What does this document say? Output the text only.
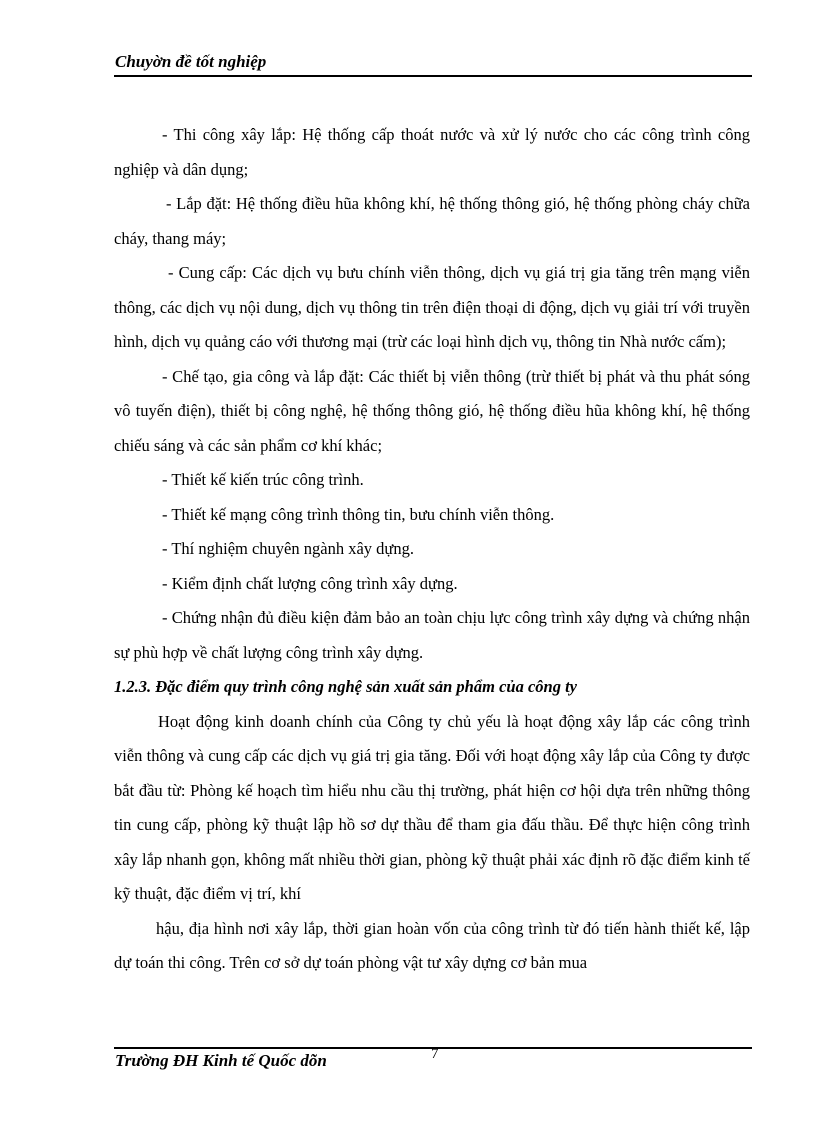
Chuyờn đề tốt nghiệp

- Thi công xây lắp: Hệ thống cấp thoát nước và xử lý nước cho các công trình công nghiệp và dân dụng;

- Lắp đặt: Hệ thống điều hũa không khí, hệ thống thông gió, hệ thống phòng cháy chữa cháy, thang máy;

- Cung cấp: Các dịch vụ bưu chính viễn thông, dịch vụ giá trị gia tăng trên mạng viễn thông, các dịch vụ nội dung, dịch vụ thông tin trên điện thoại di động, dịch vụ giải trí với truyền hình, dịch vụ quảng cáo với thương mại (trừ các loại hình dịch vụ, thông tin Nhà nước cấm);

- Chế tạo, gia công và lắp đặt: Các thiết bị viễn thông (trừ thiết bị phát và thu phát sóng vô tuyến điện), thiết bị công nghệ, hệ thống thông gió, hệ thống điều hũa không khí, hệ thống chiếu sáng và các sản phẩm cơ khí khác;

- Thiết kế kiến trúc công trình.

- Thiết kế mạng công trình thông tin, bưu chính viễn thông.

- Thí nghiệm chuyên ngành xây dựng.

- Kiểm định chất lượng công trình xây dựng.

- Chứng nhận đủ điều kiện đảm bảo an toàn chịu lực công trình xây dựng và chứng nhận sự phù hợp về chất lượng công trình xây dựng.

1.2.3. Đặc điểm quy trình công nghệ sản xuất sản phẩm của công ty

Hoạt động kinh doanh chính của Công ty chủ yếu là hoạt động xây lắp các công trình viễn thông và cung cấp các dịch vụ giá trị gia tăng. Đối với hoạt động xây lắp của Công ty được bắt đầu từ: Phòng kế hoạch tìm hiểu nhu cầu thị trường, phát hiện cơ hội dựa trên những thông tin cung cấp, phòng kỹ thuật lập hồ sơ dự thầu để tham gia đấu thầu. Để thực hiện công trình xây lắp nhanh gọn, không mất nhiều thời gian, phòng kỹ thuật phải xác định rõ đặc điểm kinh tế kỹ thuật, đặc điểm vị trí, khí

hậu, địa hình nơi xây lắp, thời gian hoàn vốn của công trình từ đó tiến hành thiết kế, lập dự toán thi công. Trên cơ sở dự toán phòng vật tư xây dựng cơ bản mua

Trường ĐH Kinh tế Quốc dõn	7
